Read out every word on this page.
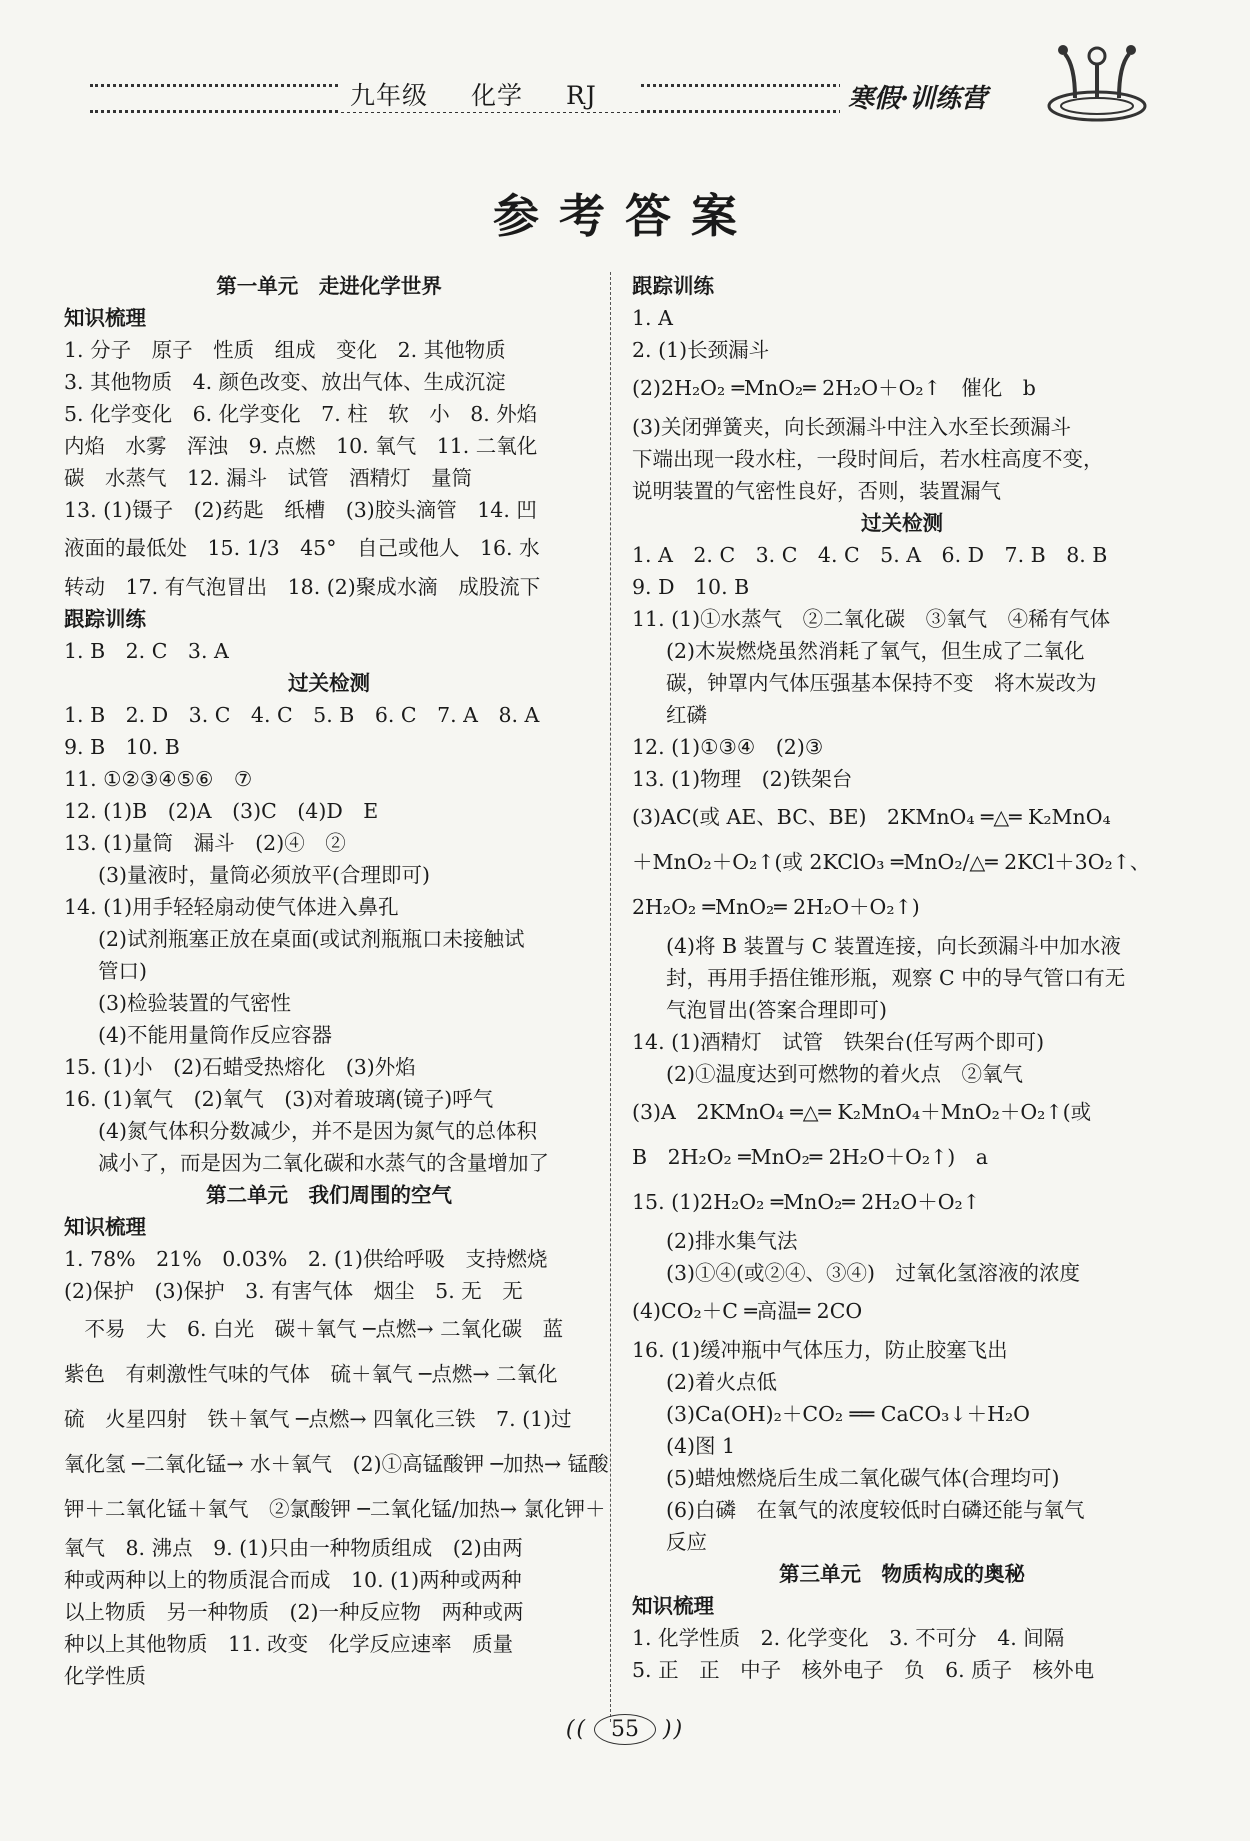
九年级 化学 RJ	寒假·训练营
参考答案
第一单元　走进化学世界
知识梳理
1. 分子　原子　性质　组成　变化　2. 其他物质
3. 其他物质　4. 颜色改变、放出气体、生成沉淀
5. 化学变化　6. 化学变化　7. 柱　软　小　8. 外焰
内焰　水雾　浑浊　9. 点燃　10. 氧气　11. 二氧化
碳　水蒸气　12. 漏斗　试管　酒精灯　量筒
13. (1)镊子　(2)药匙　纸槽　(3)胶头滴管　14. 凹
液面的最低处　15. 1/3　45°　自己或他人　16. 水
转动　17. 有气泡冒出　18. (2)聚成水滴　成股流下
跟踪训练
1. B　2. C　3. A
过关检测
1. B　2. D　3. C　4. C　5. B　6. C　7. A　8. A
9. B　10. B
11. ①②③④⑤⑥　⑦
12. (1)B　(2)A　(3)C　(4)D　E
13. (1)量筒　漏斗　(2)④　②
(3)量液时，量筒必须放平(合理即可)
14. (1)用手轻轻扇动使气体进入鼻孔
(2)试剂瓶塞正放在桌面(或试剂瓶瓶口未接触试
管口)
(3)检验装置的气密性
(4)不能用量筒作反应容器
15. (1)小　(2)石蜡受热熔化　(3)外焰
16. (1)氧气　(2)氧气　(3)对着玻璃(镜子)呼气
(4)氮气体积分数减少，并不是因为氮气的总体积
减小了，而是因为二氧化碳和水蒸气的含量增加了
第二单元　我们周围的空气
知识梳理
1. 78%　21%　0.03%　2. (1)供给呼吸　支持燃烧
(2)保护　(3)保护　3. 有害气体　烟尘　5. 无　无
　不易　大　6. 白光　碳＋氧气 ─点燃→ 二氧化碳　蓝
紫色　有刺激性气味的气体　硫＋氧气 ─点燃→ 二氧化
硫　火星四射　铁＋氧气 ─点燃→ 四氧化三铁　7. (1)过
氧化氢 ─二氧化锰→ 水＋氧气　(2)①高锰酸钾 ─加热→ 锰酸
钾＋二氧化锰＋氧气　②氯酸钾 ─二氧化锰/加热→ 氯化钾＋
氧气　8. 沸点　9. (1)只由一种物质组成　(2)由两
种或两种以上的物质混合而成　10. (1)两种或两种
以上物质　另一种物质　(2)一种反应物　两种或两
种以上其他物质　11. 改变　化学反应速率　质量
化学性质
跟踪训练
1. A
2. (1)长颈漏斗
(2)2H₂O₂ ═MnO₂═ 2H₂O＋O₂↑　催化　b
(3)关闭弹簧夹，向长颈漏斗中注入水至长颈漏斗
下端出现一段水柱，一段时间后，若水柱高度不变，
说明装置的气密性良好，否则，装置漏气
过关检测
1. A　2. C　3. C　4. C　5. A　6. D　7. B　8. B
9. D　10. B
11. (1)①水蒸气　②二氧化碳　③氧气　④稀有气体
(2)木炭燃烧虽然消耗了氧气，但生成了二氧化
碳，钟罩内气体压强基本保持不变　将木炭改为
红磷
12. (1)①③④　(2)③
13. (1)物理　(2)铁架台
(3)AC(或 AE、BC、BE)　2KMnO₄ ═△═ K₂MnO₄
＋MnO₂＋O₂↑(或 2KClO₃ ═MnO₂/△═ 2KCl＋3O₂↑、
2H₂O₂ ═MnO₂═ 2H₂O＋O₂↑)
(4)将 B 装置与 C 装置连接，向长颈漏斗中加水液
封，再用手捂住锥形瓶，观察 C 中的导气管口有无
气泡冒出(答案合理即可)
14. (1)酒精灯　试管　铁架台(任写两个即可)
(2)①温度达到可燃物的着火点　②氧气
(3)A　2KMnO₄ ═△═ K₂MnO₄＋MnO₂＋O₂↑(或
B　2H₂O₂ ═MnO₂═ 2H₂O＋O₂↑)　a
15. (1)2H₂O₂ ═MnO₂═ 2H₂O＋O₂↑
(2)排水集气法
(3)①④(或②④、③④)　过氧化氢溶液的浓度
(4)CO₂＋C ═高温═ 2CO
16. (1)缓冲瓶中气体压力，防止胶塞飞出
(2)着火点低
(3)Ca(OH)₂＋CO₂ ══ CaCO₃↓＋H₂O
(4)图 1
(5)蜡烛燃烧后生成二氧化碳气体(合理均可)
(6)白磷　在氧气的浓度较低时白磷还能与氧气
反应
第三单元　物质构成的奥秘
知识梳理
1. 化学性质　2. 化学变化　3. 不可分　4. 间隔
5. 正　正　中子　核外电子　负　6. 质子　核外电
(( 55 ))
